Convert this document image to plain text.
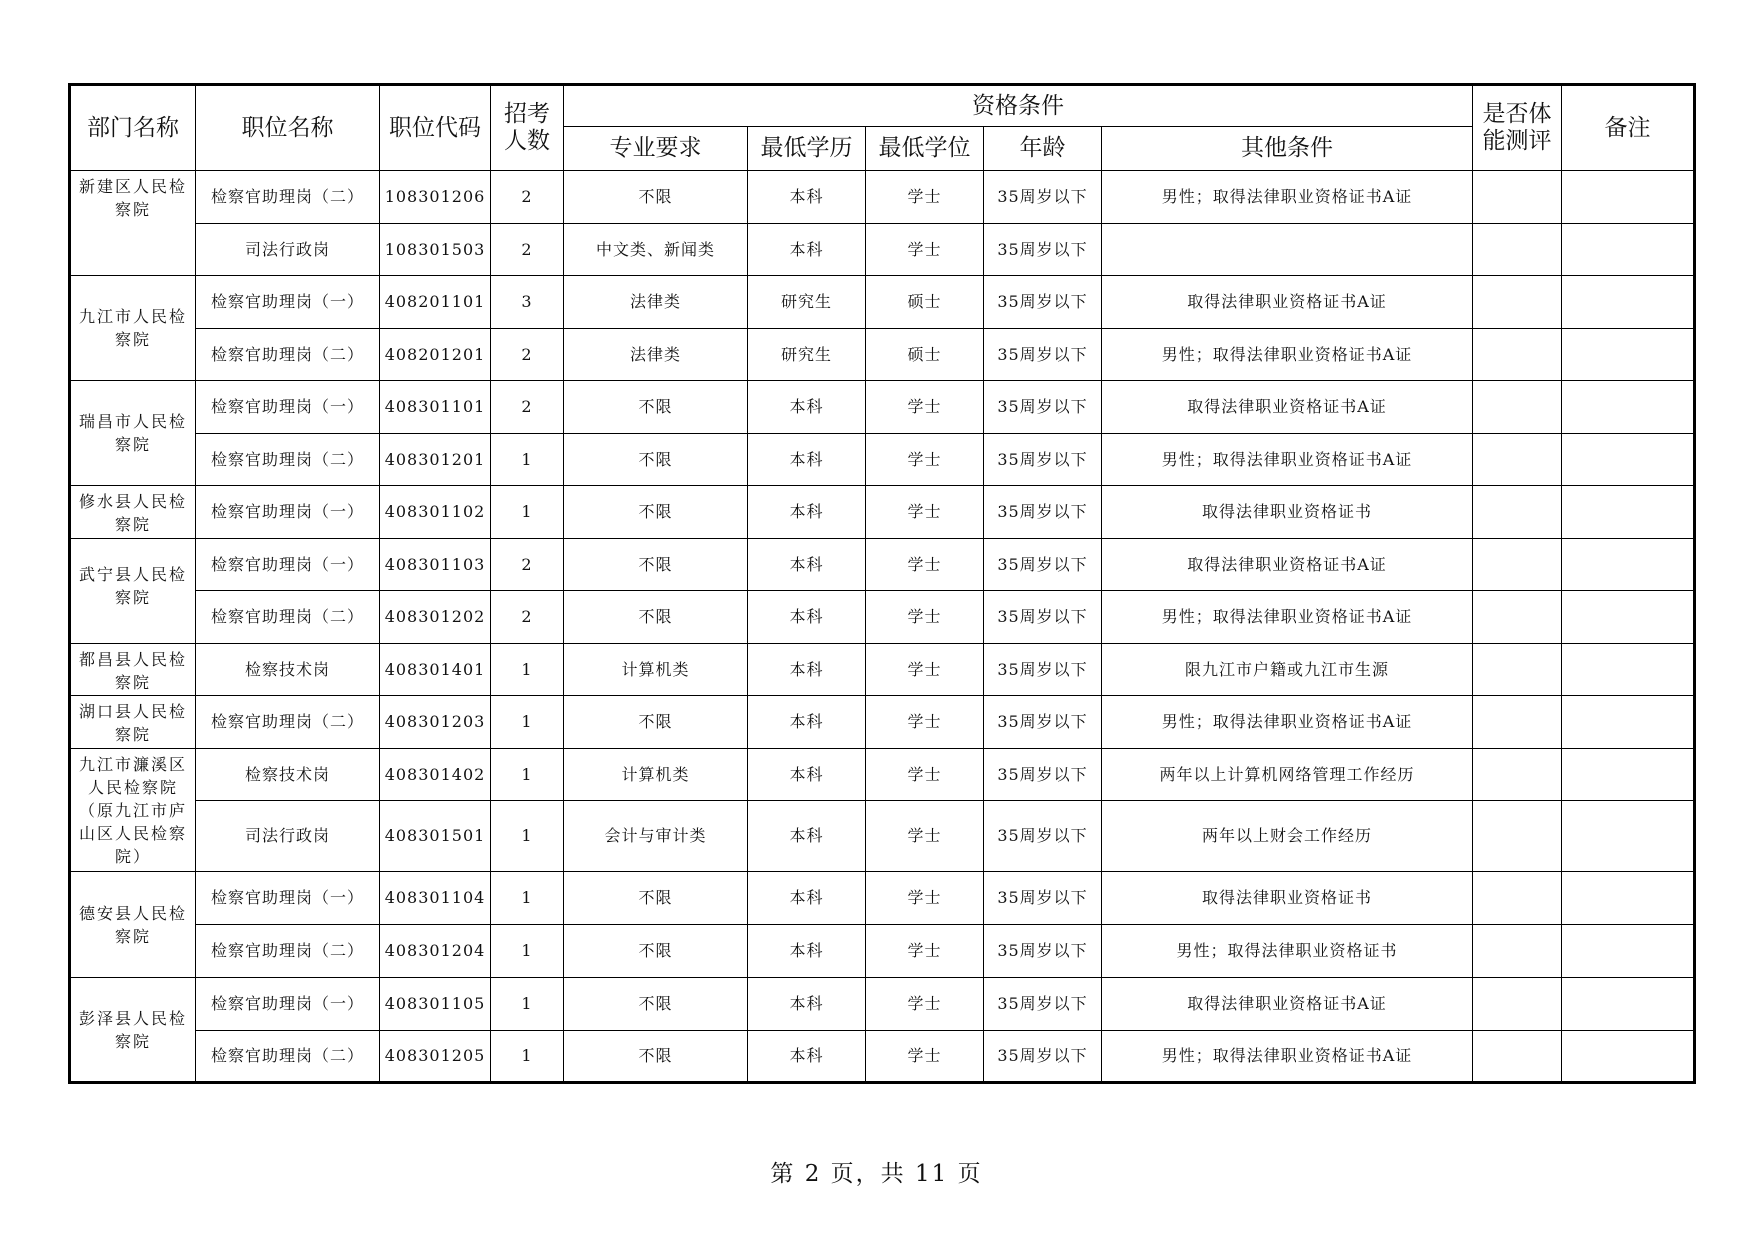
部门名称	职位名称	职位代码	招考人数	资格条件					是否体能测评	备注
				专业要求	最低学历	最低学位	年龄	其他条件		
新建区人民检察院	检察官助理岗（二）	108301206	2	不限	本科	学士	35周岁以下	男性；取得法律职业资格证书A证		
	司法行政岗	108301503	2	中文类、新闻类	本科	学士	35周岁以下			
九江市人民检察院	检察官助理岗（一）	408201101	3	法律类	研究生	硕士	35周岁以下	取得法律职业资格证书A证		
	检察官助理岗（二）	408201201	2	法律类	研究生	硕士	35周岁以下	男性；取得法律职业资格证书A证		
瑞昌市人民检察院	检察官助理岗（一）	408301101	2	不限	本科	学士	35周岁以下	取得法律职业资格证书A证		
	检察官助理岗（二）	408301201	1	不限	本科	学士	35周岁以下	男性；取得法律职业资格证书A证		
修水县人民检察院	检察官助理岗（一）	408301102	1	不限	本科	学士	35周岁以下	取得法律职业资格证书		
武宁县人民检察院	检察官助理岗（一）	408301103	2	不限	本科	学士	35周岁以下	取得法律职业资格证书A证		
	检察官助理岗（二）	408301202	2	不限	本科	学士	35周岁以下	男性；取得法律职业资格证书A证		
都昌县人民检察院	检察技术岗	408301401	1	计算机类	本科	学士	35周岁以下	限九江市户籍或九江市生源		
湖口县人民检察院	检察官助理岗（二）	408301203	1	不限	本科	学士	35周岁以下	男性；取得法律职业资格证书A证		
九江市濂溪区人民检察院（原九江市庐山区人民检察院）	检察技术岗	408301402	1	计算机类	本科	学士	35周岁以下	两年以上计算机网络管理工作经历		
	司法行政岗	408301501	1	会计与审计类	本科	学士	35周岁以下	两年以上财会工作经历		
德安县人民检察院	检察官助理岗（一）	408301104	1	不限	本科	学士	35周岁以下	取得法律职业资格证书		
	检察官助理岗（二）	408301204	1	不限	本科	学士	35周岁以下	男性；取得法律职业资格证书		
彭泽县人民检察院	检察官助理岗（一）	408301105	1	不限	本科	学士	35周岁以下	取得法律职业资格证书A证		
	检察官助理岗（二）	408301205	1	不限	本科	学士	35周岁以下	男性；取得法律职业资格证书A证		
第 2 页，共 11 页
